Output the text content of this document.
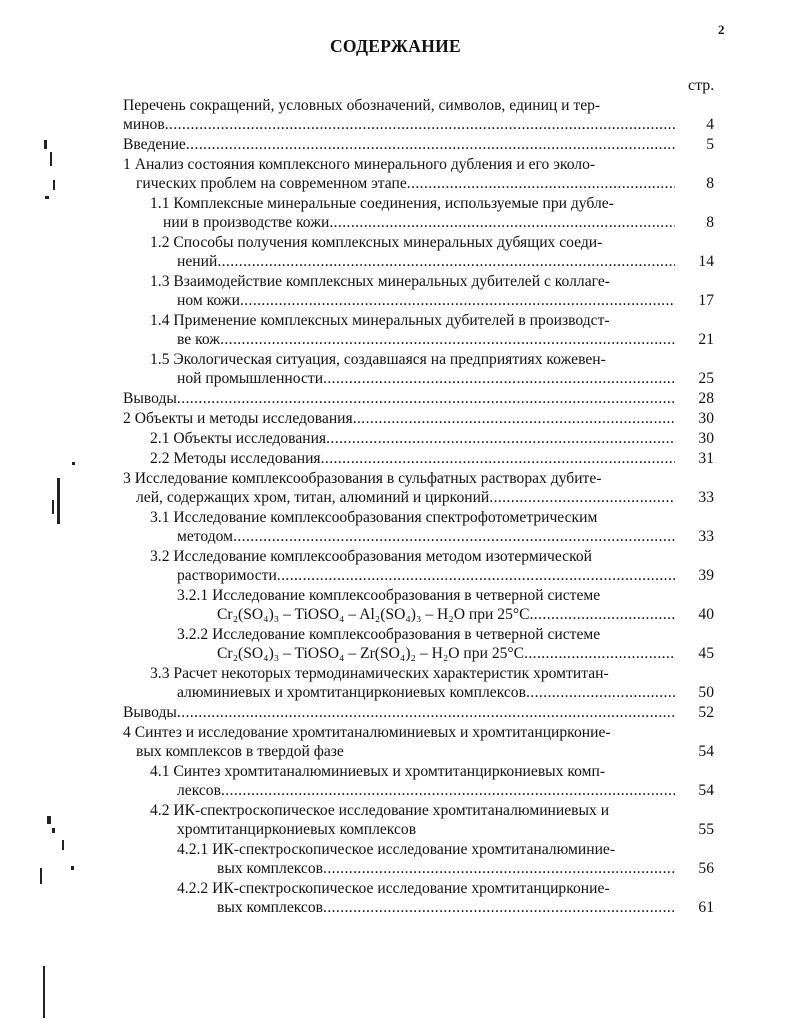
2
СОДЕРЖАНИЕ
стр.
Перечень сокращений, условных обозначений, символов, единиц и тер-
минов .....	4
Введение .....	5
1 Анализ состояния комплексного минерального дубления и его эколо-
гических проблем на современном этапе .....	8
1.1 Комплексные минеральные соединения, используемые при дубле-
нии в производстве кожи .....	8
1.2 Способы получения комплексных минеральных дубящих соеди-
нений .....	14
1.3 Взаимодействие комплексных минеральных дубителей с коллаге-
ном кожи .....	17
1.4 Применение комплексных минеральных дубителей в производст-
ве кож .....	21
1.5 Экологическая ситуация, создавшаяся на предприятиях кожевен-
ной промышленности .....	25
Выводы .....	28
2 Объекты и методы исследования .....	30
2.1 Объекты исследования .....	30
2.2 Методы исследования .....	31
3 Исследование комплексообразования в сульфатных растворах дубите-
лей, содержащих хром, титан, алюминий и цирконий .....	33
3.1 Исследование комплексообразования спектрофотометрическим
методом .....	33
3.2 Исследование комплексообразования методом изотермической
растворимости .....	39
3.2.1 Исследование комплексообразования в четверной системе
Cr₂(SO₄)₃ – TiOSO₄ – Al₂(SO₄)₃ – H₂O при 25°C .....	40
3.2.2 Исследование комплексообразования в четверной системе
Cr₂(SO₄)₃ – TiOSO₄ – Zr(SO₄)₂ – H₂O при 25°C .....	45
3.3 Расчет некоторых термодинамических характеристик хромтитан-
алюминиевых и хромтитанциркониевых комплексов .....	50
Выводы .....	52
4 Синтез и исследование хромтитаналюминиевых и хромтитанцирконие-
вых комплексов в твердой фазе	54
4.1 Синтез хромтитаналюминиевых и хромтитанциркониевых комп-
лексов .....	54
4.2 ИК-спектроскопическое исследование хромтитаналюминиевых и
хромтитанциркониевых комплексов	55
4.2.1 ИК-спектроскопическое исследование хромтитаналюминие-
вых комплексов .....	56
4.2.2 ИК-спектроскопическое исследование хромтитанцирконие-
вых комплексов .....	61
